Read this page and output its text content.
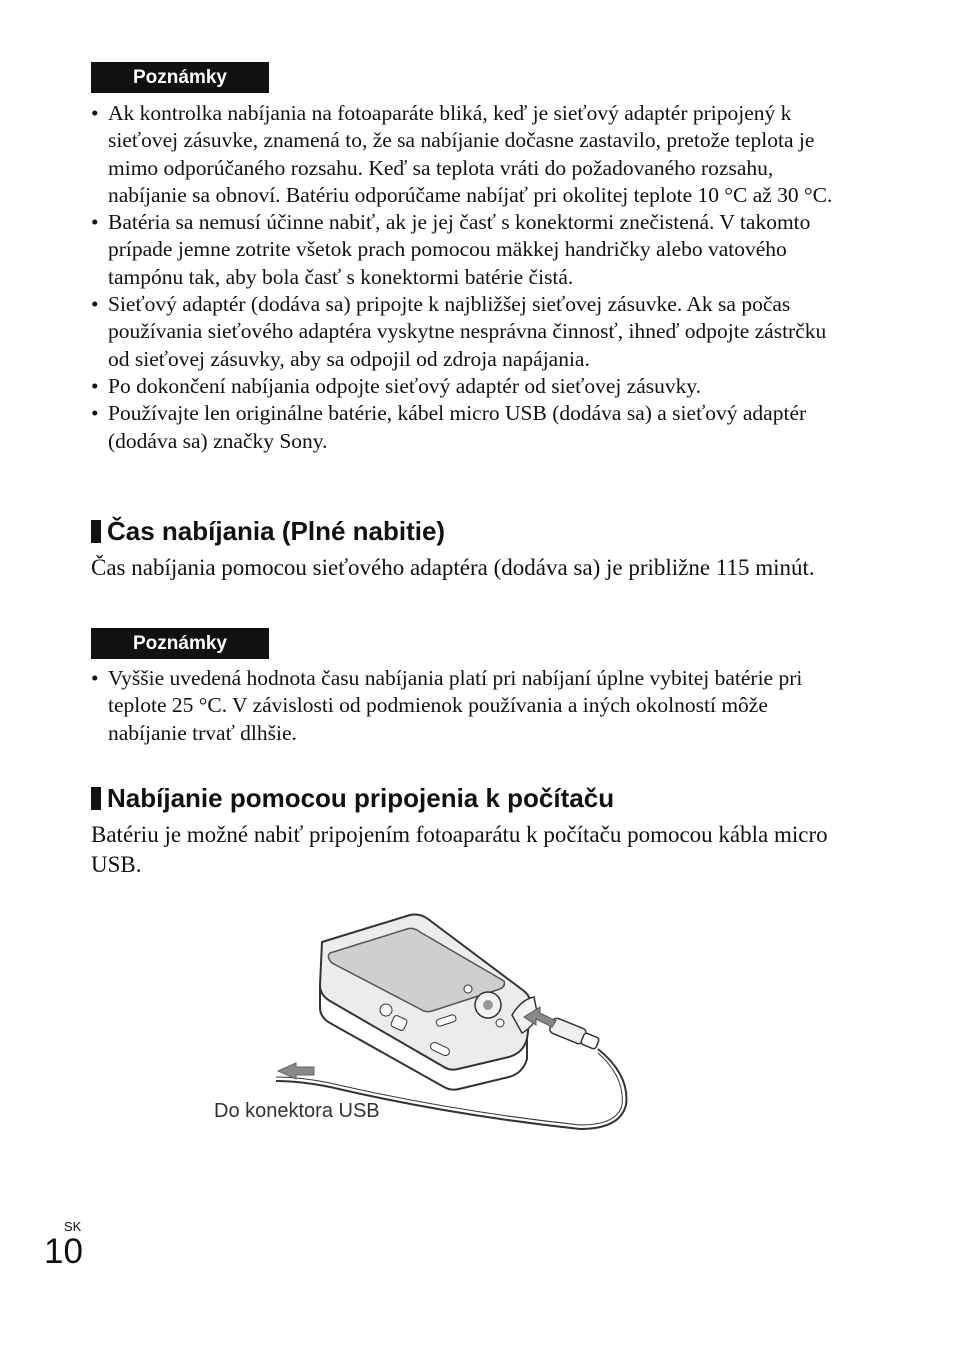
Poznámky
• Ak kontrolka nabíjania na fotoaparáte bliká, keď je sieťový adaptér pripojený k sieťovej zásuvke, znamená to, že sa nabíjanie dočasne zastavilo, pretože teplota je mimo odporúčaného rozsahu. Keď sa teplota vráti do požadovaného rozsahu, nabíjanie sa obnoví. Batériu odporúčame nabíjať pri okolitej teplote 10 °C až 30 °C.
• Batéria sa nemusí účinne nabiť, ak je jej časť s konektormi znečistená. V takomto prípade jemne zotrite všetok prach pomocou mäkkej handričky alebo vatového tampónu tak, aby bola časť s konektormi batérie čistá.
• Sieťový adaptér (dodáva sa) pripojte k najbližšej sieťovej zásuvke. Ak sa počas používania sieťového adaptéra vyskytne nesprávna činnosť, ihneď odpojte zástrčku od sieťovej zásuvky, aby sa odpojil od zdroja napájania.
• Po dokončení nabíjania odpojte sieťový adaptér od sieťovej zásuvky.
• Používajte len originálne batérie, kábel micro USB (dodáva sa) a sieťový adaptér (dodáva sa) značky Sony.
Čas nabíjania (Plné nabitie)

Čas nabíjania pomocou sieťového adaptéra (dodáva sa) je približne 115 minút.

Poznámky
• Vyššie uvedená hodnota času nabíjania platí pri nabíjaní úplne vybitej batérie pri teplote 25 °C. V závislosti od podmienok používania a iných okolností môže nabíjanie trvať dlhšie.
Nabíjanie pomocou pripojenia k počítaču

Batériu je možné nabiť pripojením fotoaparátu k počítaču pomocou kábla micro USB.

Do konektora USB
SK
10
